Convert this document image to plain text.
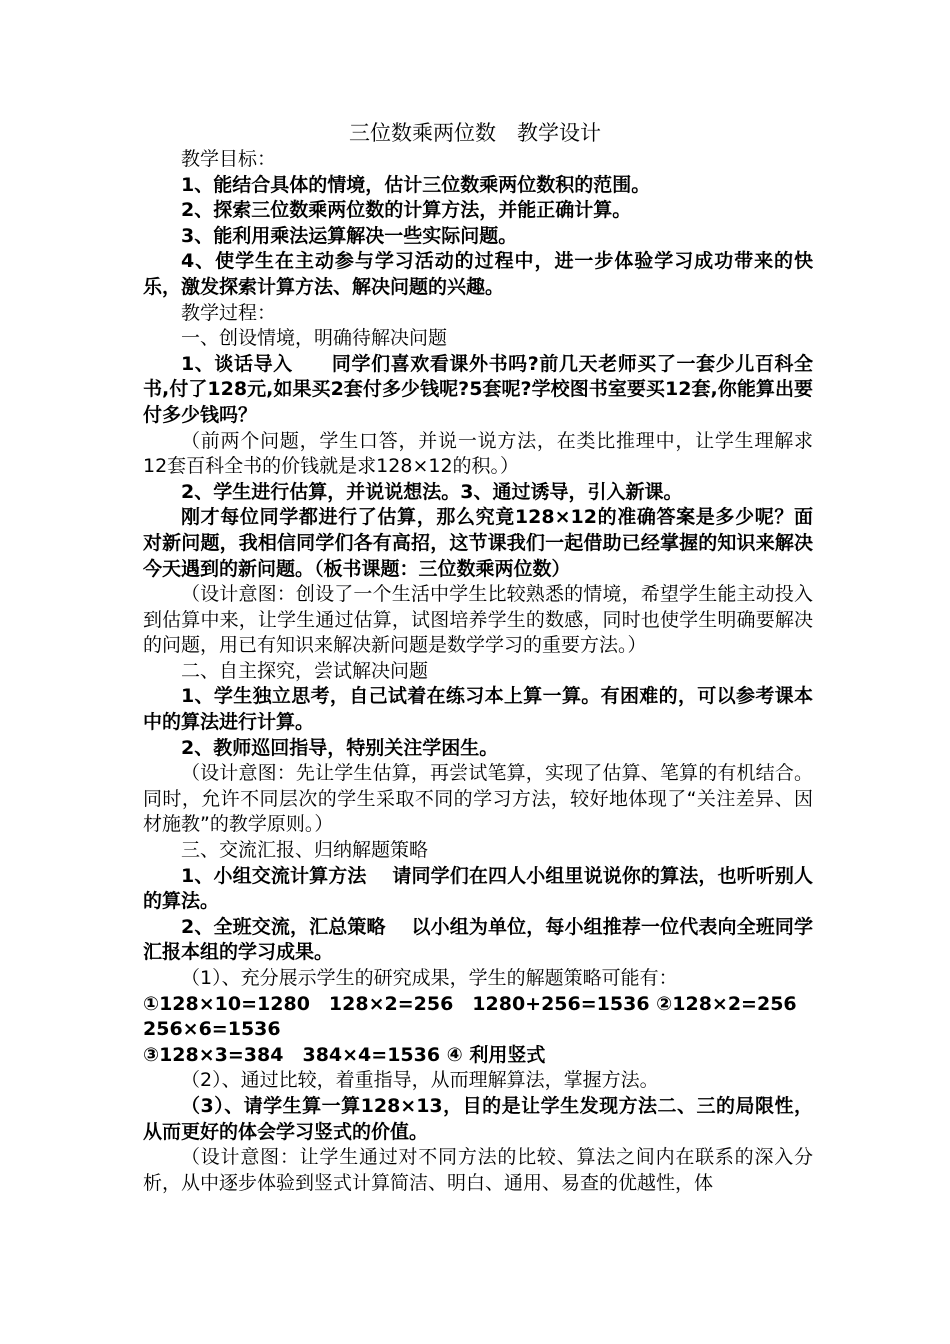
三位数乘两位数　教学设计

教学目标：

1、能结合具体的情境，估计三位数乘两位数积的范围。

2、探索三位数乘两位数的计算方法，并能正确计算。

3、能利用乘法运算解决一些实际问题。

4、使学生在主动参与学习活动的过程中，进一步体验学习成功带来的快乐，激发探索计算方法、解决问题的兴趣。

教学过程：

一、创设情境，明确待解决问题

1、谈话导入　　同学们喜欢看课外书吗?前几天老师买了一套少儿百科全书,付了128元,如果买2套付多少钱呢?5套呢?学校图书室要买12套,你能算出要付多少钱吗？

（前两个问题，学生口答，并说一说方法，在类比推理中，让学生理解求12套百科全书的价钱就是求128×12的积。）

2、学生进行估算，并说说想法。3、通过诱导，引入新课。

刚才每位同学都进行了估算，那么究竟128×12的准确答案是多少呢？面对新问题，我相信同学们各有高招，这节课我们一起借助已经掌握的知识来解决今天遇到的新问题。（板书课题：三位数乘两位数）

（设计意图：创设了一个生活中学生比较熟悉的情境，希望学生能主动投入到估算中来，让学生通过估算，试图培养学生的数感，同时也使学生明确要解决的问题，用已有知识来解决新问题是数学学习的重要方法。）

二、自主探究，尝试解决问题

1、学生独立思考，自己试着在练习本上算一算。有困难的，可以参考课本中的算法进行计算。

2、教师巡回指导，特别关注学困生。

（设计意图：先让学生估算，再尝试笔算，实现了估算、笔算的有机结合。同时，允许不同层次的学生采取不同的学习方法，较好地体现了“关注差异、因材施教”的教学原则。）

三、交流汇报、归纳解题策略

1、小组交流计算方法　 请同学们在四人小组里说说你的算法，也听听别人的算法。

2、全班交流，汇总策略　 以小组为单位，每小组推荐一位代表向全班同学汇报本组的学习成果。

（1）、充分展示学生的研究成果，学生的解题策略可能有：

①128×10=1280　128×2=256　1280+256=1536 ②128×2=256

256×6=1536

③128×3=384　384×4=1536 ④ 利用竖式

（2）、通过比较，着重指导，从而理解算法，掌握方法。

（3）、请学生算一算128×13，目的是让学生发现方法二、三的局限性，从而更好的体会学习竖式的价值。

（设计意图：让学生通过对不同方法的比较、算法之间内在联系的深入分析，从中逐步体验到竖式计算简洁、明白、通用、易查的优越性，体
